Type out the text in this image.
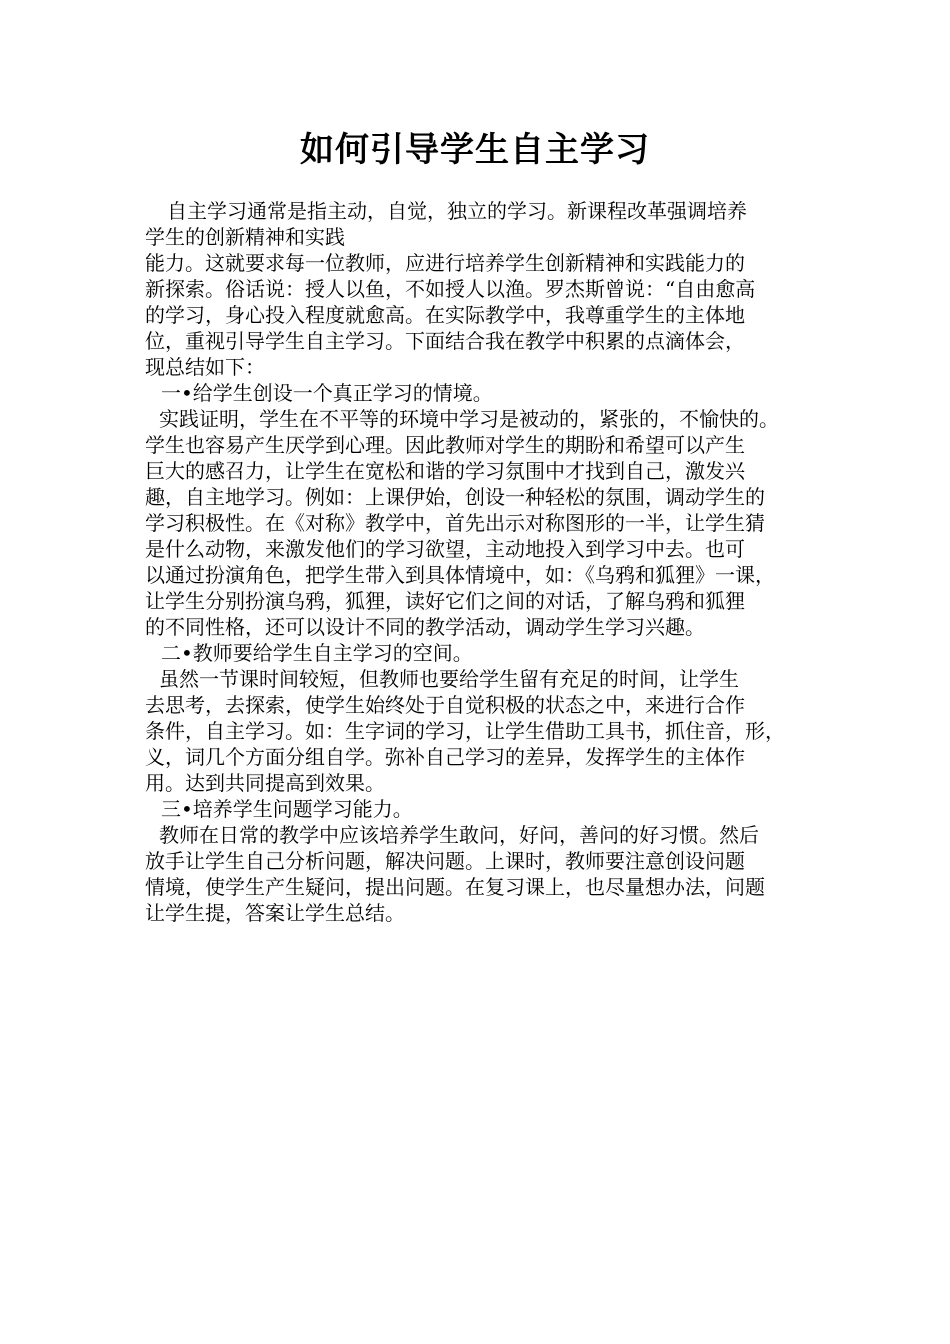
如何引导学生自主学习
自主学习通常是指主动，自觉，独立的学习。新课程改革强调培养
学生的创新精神和实践
能力。这就要求每一位教师，应进行培养学生创新精神和实践能力的
新探索。俗话说：授人以鱼，不如授人以渔。罗杰斯曾说：“自由愈高
的学习，身心投入程度就愈高。在实际教学中，我尊重学生的主体地
位，重视引导学生自主学习。下面结合我在教学中积累的点滴体会，
现总结如下：
一•给学生创设一个真正学习的情境。
实践证明，学生在不平等的环境中学习是被动的，紧张的，不愉快的。
学生也容易产生厌学到心理。因此教师对学生的期盼和希望可以产生
巨大的感召力，让学生在宽松和谐的学习氛围中才找到自己，激发兴
趣，自主地学习。例如：上课伊始，创设一种轻松的氛围，调动学生的
学习积极性。在《对称》教学中，首先出示对称图形的一半，让学生猜
是什么动物，来激发他们的学习欲望，主动地投入到学习中去。也可
以通过扮演角色，把学生带入到具体情境中，如：《乌鸦和狐狸》一课，
让学生分别扮演乌鸦，狐狸，读好它们之间的对话，了解乌鸦和狐狸
的不同性格，还可以设计不同的教学活动，调动学生学习兴趣。
二•教师要给学生自主学习的空间。
虽然一节课时间较短，但教师也要给学生留有充足的时间，让学生
去思考，去探索，使学生始终处于自觉积极的状态之中，来进行合作
条件，自主学习。如：生字词的学习，让学生借助工具书，抓住音，形，
义，词几个方面分组自学。弥补自己学习的差异，发挥学生的主体作
用。达到共同提高到效果。
三•培养学生问题学习能力。
教师在日常的教学中应该培养学生敢问，好问，善问的好习惯。然后
放手让学生自己分析问题，解决问题。上课时，教师要注意创设问题
情境，使学生产生疑问，提出问题。在复习课上，也尽量想办法，问题
让学生提，答案让学生总结。
